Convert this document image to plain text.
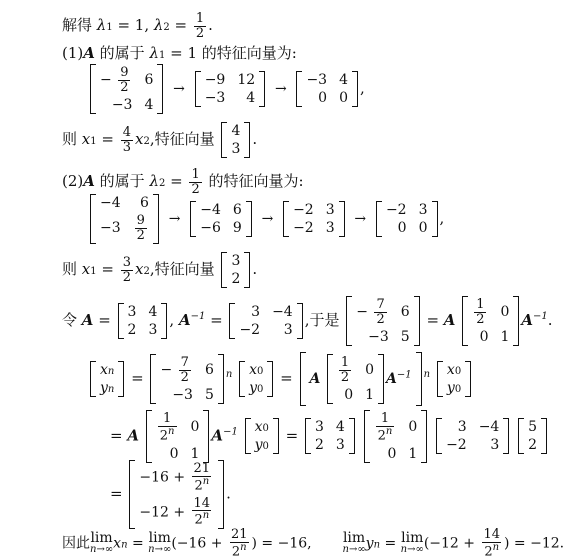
解得 λ1 = 1, $\lambda 2 = \frac{1}{2}$ .
(1)A 的属于 λ1 = 1 的特征向量为:
− $\frac{9}{2} 6$
−3 4
→
−9 12
−3 4
→
−3 4
0 0
,
则 $x1 = \frac{4}{3} x2$,特征向量 4
3
.
(2)A 的属于 $\lambda 2 = \frac{1}{2}$ 的特征向量为:
−4 6
$-3 \frac{9}{2}$ →
−4 6
−6 9
→
−2 3
−2 3
→
−2 3
0 0
,
则 $x1 = \frac{3}{2} x2$,特征向量 3
2
.
令 A = 3 4
2 3
, $A^{-1} = 3 -4$
−2 3
,于是 − $\frac{7}{2} 6$
−3 5
= A $\frac{1}{2} 0$
0 1
$A^{-1}$.
xn
yn
= − $\frac{7}{2} 6$
−3 5
$^n$ x0
y0
= A $\frac{1}{2} 0$
0 1
$A^{-1}$ $^n$ x0
y0
= A $\frac{1}{2^n} 0$
0 1
$A^{-1}$ x0
y0
= 3 4
2 3

$\frac{1}{2^n} 0$
0 1

3 −4
−2 3

5
2
=
$-16 + \frac{21}{2^n}$
$-12 + \frac{14}{2^n}$
.
因此 lim
n→∞ xn = lim
n→∞ ($-16 + \frac{21}{2^n}$ ) = −16, lim
n→∞ yn = lim
n→∞ ($-12 + \frac{14}{2^n}$ ) = −12.
